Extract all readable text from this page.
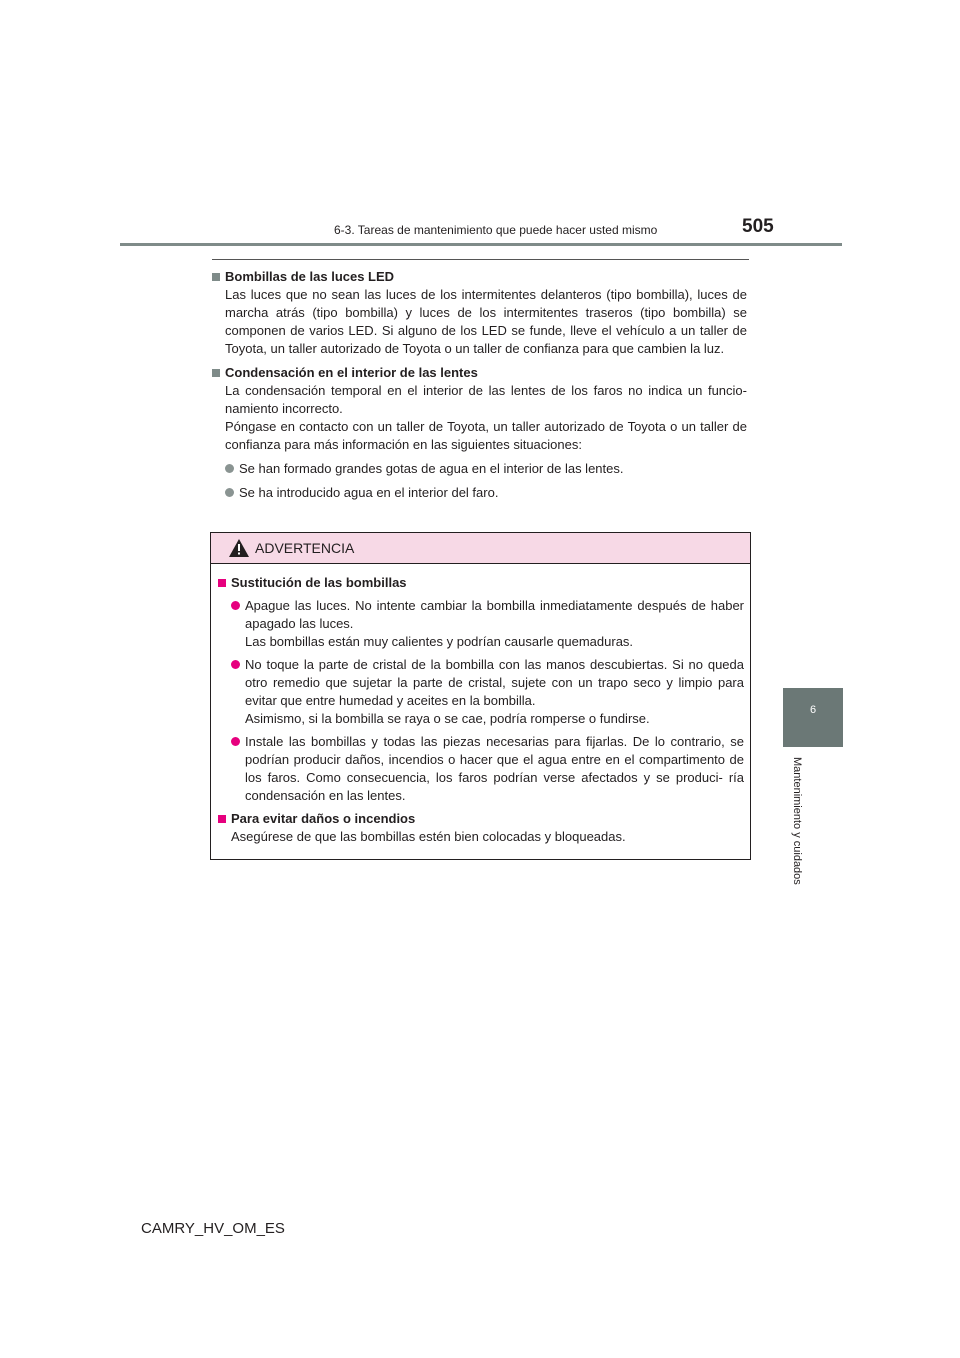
6-3. Tareas de mantenimiento que puede hacer usted mismo	505
6
Mantenimiento y cuidados
Bombillas de las luces LED
Las luces que no sean las luces de los intermitentes delanteros (tipo bombilla), luces de marcha atrás (tipo bombilla) y luces de los intermitentes traseros (tipo bombilla) se componen de varios LED. Si alguno de los LED se funde, lleve el vehículo a un taller de Toyota, un taller autorizado de Toyota o un taller de confianza para que cambien la luz.
Condensación en el interior de las lentes
La condensación temporal en el interior de las lentes de los faros no indica un funcio- namiento incorrecto.
Póngase en contacto con un taller de Toyota, un taller autorizado de Toyota o un taller de confianza para más información en las siguientes situaciones:
Se han formado grandes gotas de agua en el interior de las lentes.
Se ha introducido agua en el interior del faro.
ADVERTENCIA
Sustitución de las bombillas
Apague las luces. No intente cambiar la bombilla inmediatamente después de haber apagado las luces.
Las bombillas están muy calientes y podrían causarle quemaduras.
No toque la parte de cristal de la bombilla con las manos descubiertas. Si no queda otro remedio que sujetar la parte de cristal, sujete con un trapo seco y limpio para evitar que entre humedad y aceites en la bombilla.
Asimismo, si la bombilla se raya o se cae, podría romperse o fundirse.
Instale las bombillas y todas las piezas necesarias para fijarlas. De lo contrario, se podrían producir daños, incendios o hacer que el agua entre en el compartimento de los faros. Como consecuencia, los faros podrían verse afectados y se produci- ría condensación en las lentes.
Para evitar daños o incendios
Asegúrese de que las bombillas estén bien colocadas y bloqueadas.
CAMRY_HV_OM_ES
